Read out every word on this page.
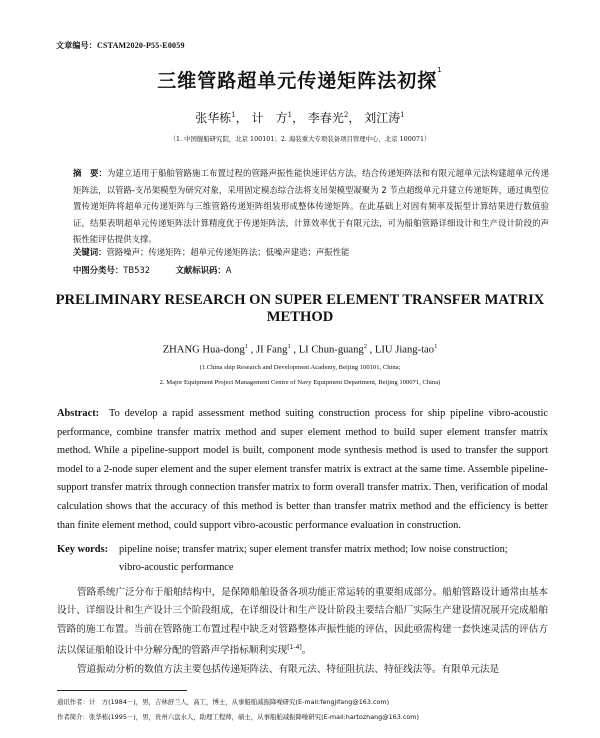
文章编号：CSTAM2020-P55-E0059
三维管路超单元传递矩阵法初探$^1$
张华栋$^1$， 计　方$^1$， 李春光$^2$， 刘江涛$^1$
（1. 中国舰船研究院，北京 100101；2. 海装重大专项装备项目管理中心，北京 100071）
摘　要：为建立适用于船舶管路施工布置过程的管路声振性能快速评估方法，结合传递矩阵法和有限元超单元法构建超单元传递矩阵法，以管路-支吊架模型为研究对象，采用固定模态综合法将支吊架模型凝聚为 2 节点超级单元并建立传递矩阵，通过典型位置传递矩阵将超单元传递矩阵与三维管路传递矩阵组装形成整体传递矩阵。在此基础上对固有频率及振型计算结果进行数值验证，结果表明超单元传递矩阵法计算精度优于传递矩阵法，计算效率优于有限元法，可为船舶管路详细设计和生产设计阶段的声振性能评估提供支撑。
关键词：管路噪声；传递矩阵；超单元传递矩阵法；低噪声建造；声振性能
中图分类号：TB532	文献标识码：A
PRELIMINARY RESEARCH ON SUPER ELEMENT TRANSFER MATRIX METHOD
ZHANG Hua-dong$^1$ , JI Fang$^1$ , LI Chun-guang$^2$ , LIU Jiang-tao$^1$
(1.China ship Research and Development Academy, Beijing 100101, China;
2. Major Equipment Project Management Centre of Navy Equipment Department, Beijing 100071, China)
Abstract: To develop a rapid assessment method suiting construction process for ship pipeline vibro-acoustic performance, combine transfer matrix method and super element method to build super element transfer matrix method. While a pipeline-support model is built, component mode synthesis method is used to transfer the support model to a 2-node super element and the super element transfer matrix is extract at the same time. Assemble pipeline-support transfer matrix through connection transfer matrix to form overall transfer matrix. Then, verification of modal calculation shows that the accuracy of this method is better than transfer matrix method and the efficiency is better than finite element method, could support vibro-acoustic performance evaluation in construction.
Key words: pipeline noise; transfer matrix; super element transfer matrix method; low noise construction;
vibro-acoustic performance
管路系统广泛分布于船舶结构中，是保障船舶设备各项功能正常运转的重要组成部分。船舶管路设计通常由基本设计、详细设计和生产设计三个阶段组成，在详细设计和生产设计阶段主要结合船厂实际生产建设情况展开完成船舶管路的施工布置。当前在管路施工布置过程中缺乏对管路整体声振性能的评估，因此亟需构建一套快速灵活的评估方法以保证船舶设计中分解分配的管路声学指标顺利实现[1-4]。
管道振动分析的数值方法主要包括传递矩阵法、有限元法、特征阻抗法、特征线法等。有限单元法是
通讯作者：计　方(1984－)，男，吉林舒兰人，高工，博士，从事船舶减振降噪研究(E-mail:fengjifang@163.com)
作者简介：张华栋(1995－)，男，贵州六盘水人，助理工程师，硕士，从事船舶减振降噪研究(E-mail:hartozhang@163.com)
